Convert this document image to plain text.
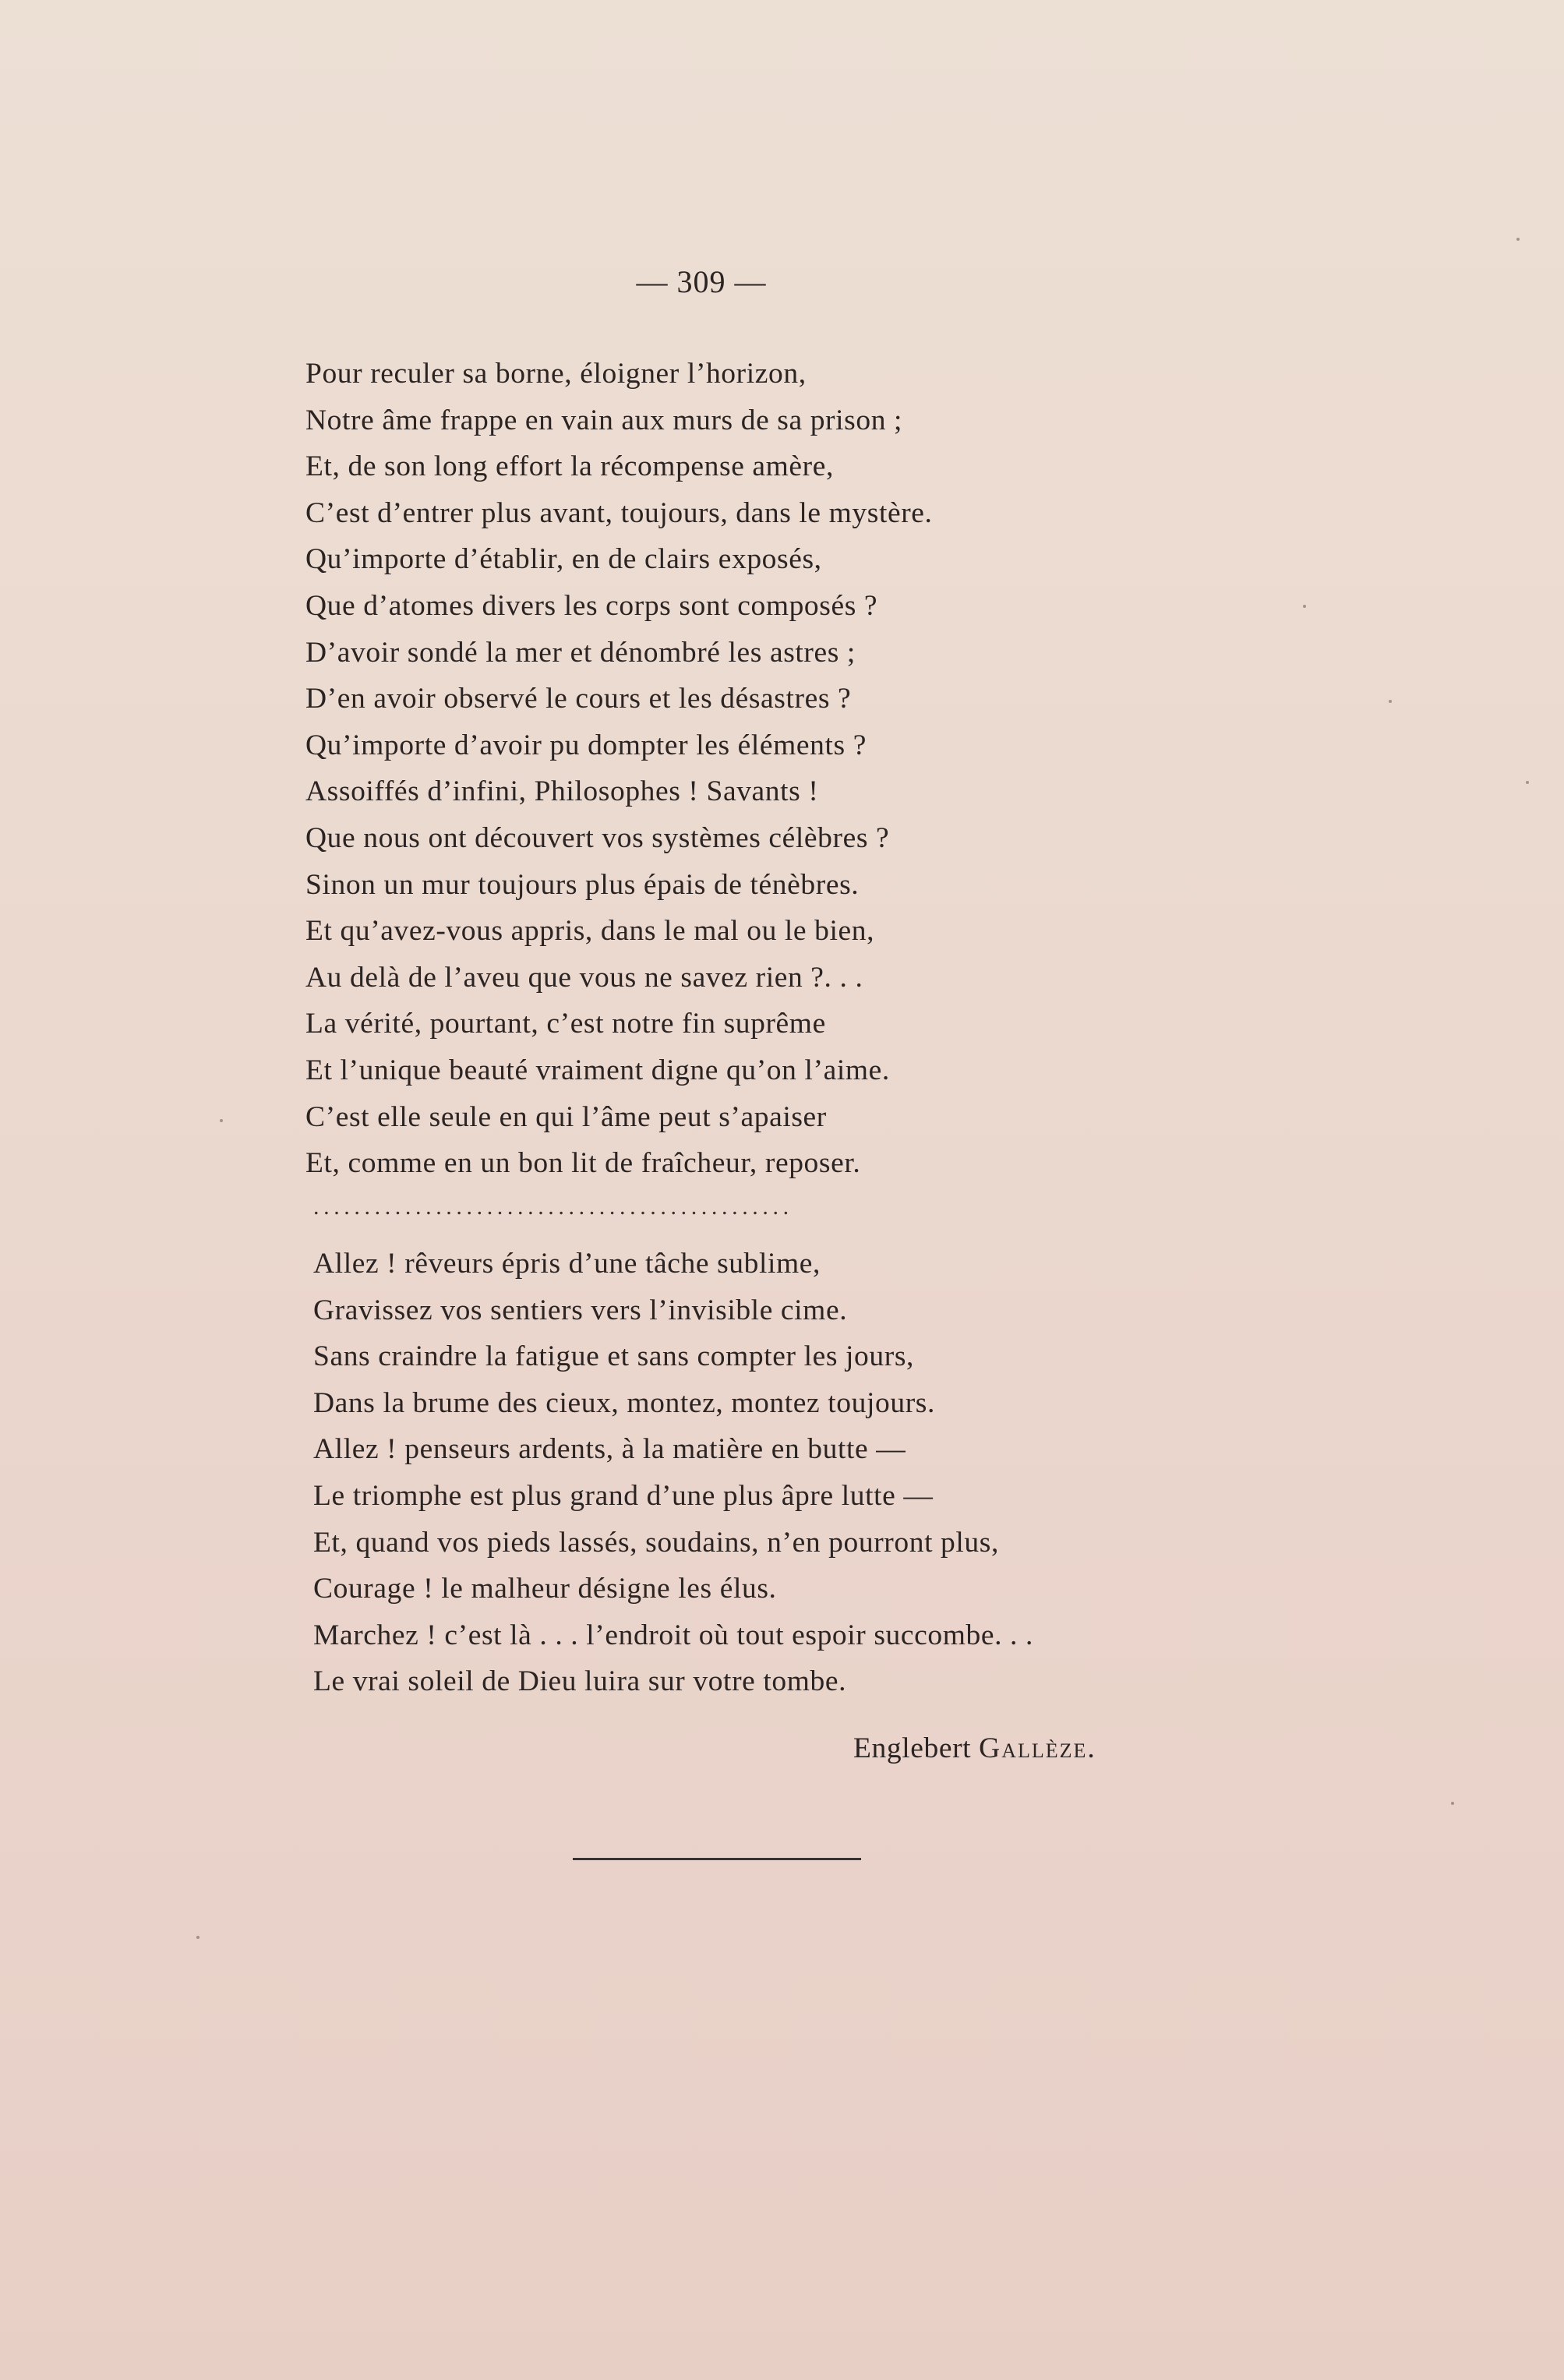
— 309 —
Pour reculer sa borne, éloigner l’horizon,
Notre âme frappe en vain aux murs de sa prison ;
Et, de son long effort la récompense amère,
C’est d’entrer plus avant, toujours, dans le mystère.
Qu’importe d’établir, en de clairs exposés,
Que d’atomes divers les corps sont composés ?
D’avoir sondé la mer et dénombré les astres ;
D’en avoir observé le cours et les désastres ?
Qu’importe d’avoir pu dompter les éléments ?
Assoiffés d’infini, Philosophes ! Savants !
Que nous ont découvert vos systèmes célèbres ?
Sinon un mur toujours plus épais de ténèbres.
Et qu’avez-vous appris, dans le mal ou le bien,
Au delà de l’aveu que vous ne savez rien ?. . .
La vérité, pourtant, c’est notre fin suprême
Et l’unique beauté vraiment digne qu’on l’aime.
C’est elle seule en qui l’âme peut s’apaiser
Et, comme en un bon lit de fraîcheur, reposer.
...............................................
Allez ! rêveurs épris d’une tâche sublime,
Gravissez vos sentiers vers l’invisible cime.
Sans craindre la fatigue et sans compter les jours,
Dans la brume des cieux, montez, montez toujours.
Allez ! penseurs ardents, à la matière en butte —
Le triomphe est plus grand d’une plus âpre lutte —
Et, quand vos pieds lassés, soudains, n’en pourront plus,
Courage ! le malheur désigne les élus.
Marchez ! c’est là . . . l’endroit où tout espoir succombe. . .
Le vrai soleil de Dieu luira sur votre tombe.
Englebert Gallèze.
